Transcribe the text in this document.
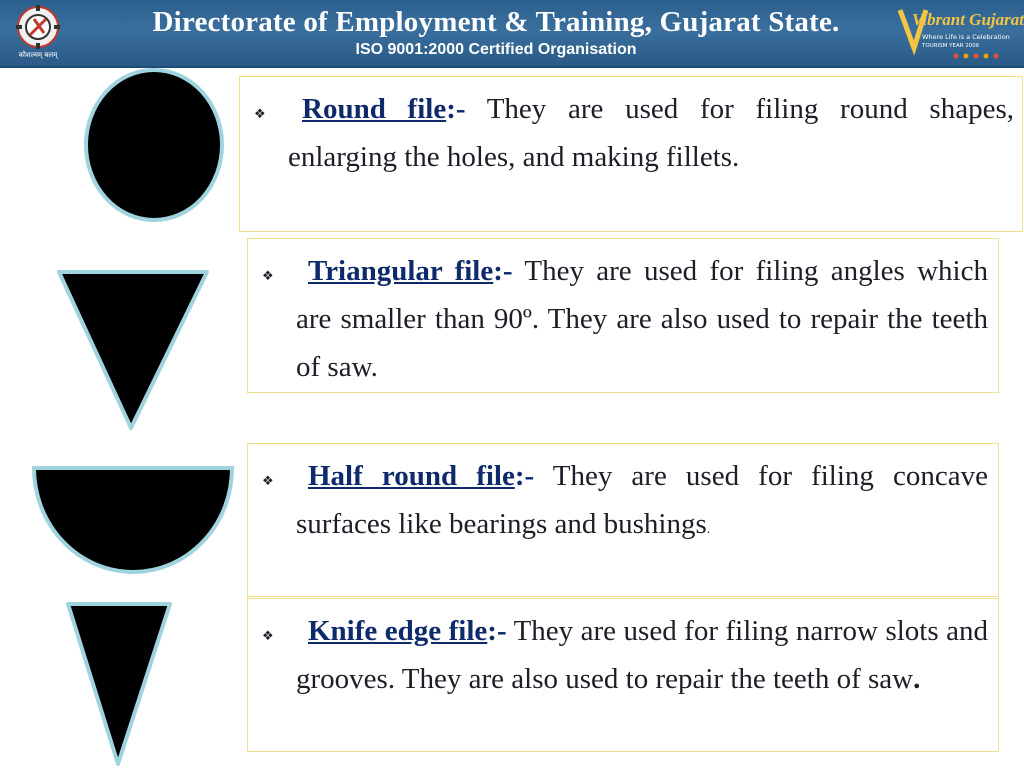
कौशल्यम् बलम्
Directorate of Employment & Training, Gujarat State.
ISO 9001:2000 Certified Organisation
Vibrant Gujarat
Where Life is a Celebration
TOURISM YEAR 2006
❖	Round file:- They are used for filing round shapes, enlarging the holes, and making fillets.
❖	Triangular file:- They are used for filing angles which are smaller than 90º. They are also used to repair the teeth of saw.
❖	Half round file:- They are used for filing concave surfaces like bearings and bushings.
❖	Knife edge file:- They are used for filing narrow slots and grooves. They are also used to repair the teeth of saw.
